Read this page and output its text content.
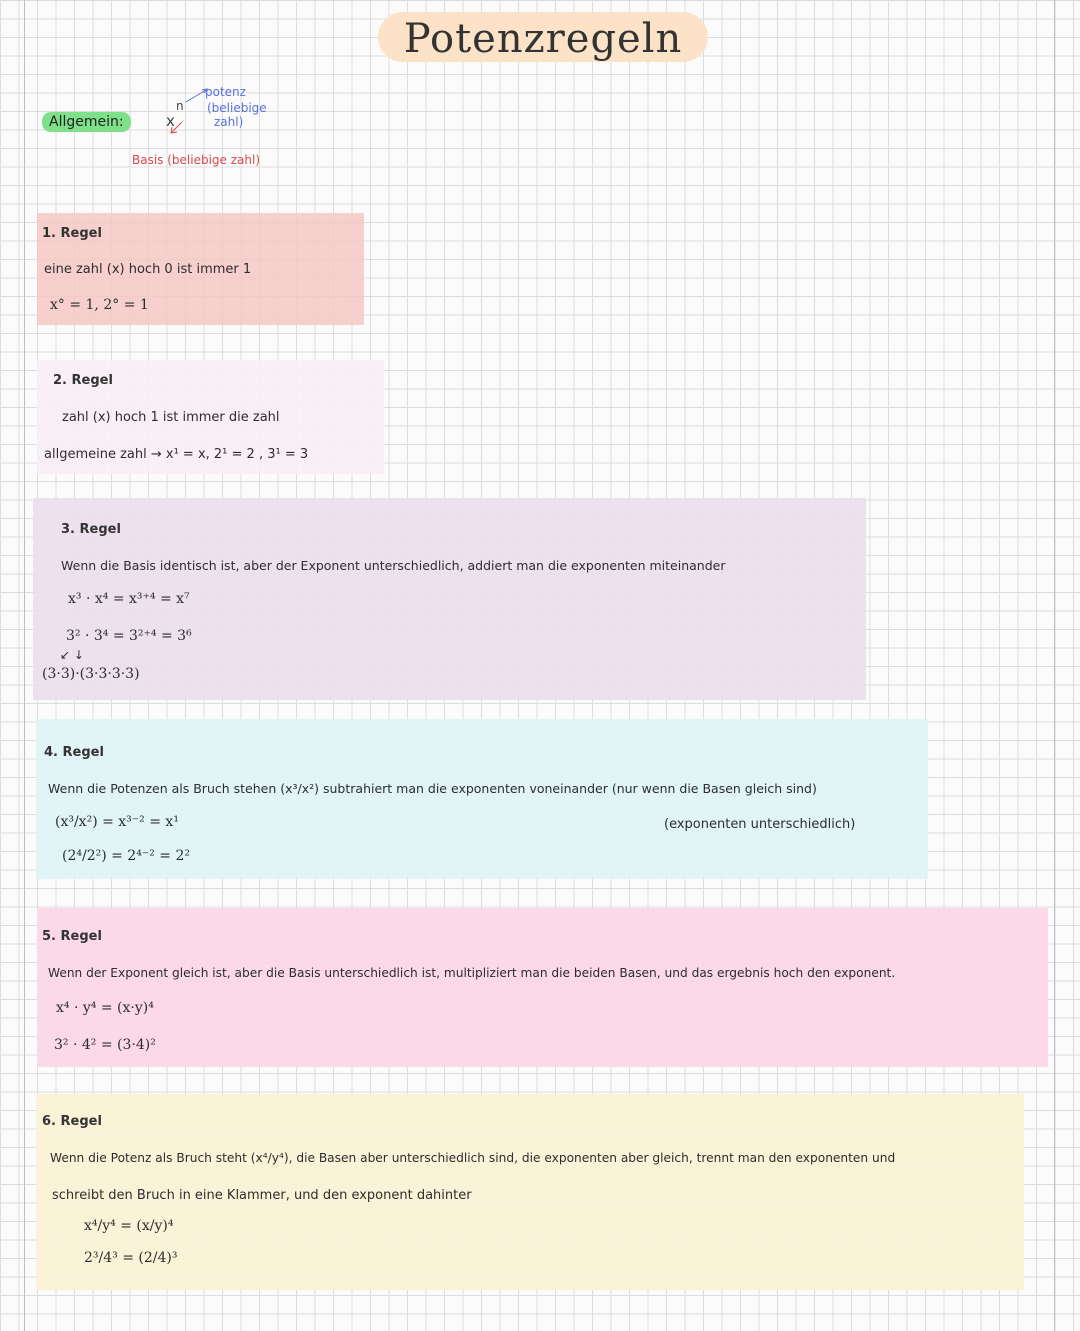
Potenzregeln
Allgemein:
n
x
potenz
(beliebige
zahl)
Basis (beliebige zahl)
1. Regel
eine zahl (x) hoch 0 ist immer 1
x° = 1, 2° = 1
2. Regel
zahl (x) hoch 1 ist immer die zahl
allgemeine zahl → x¹ = x, 2¹ = 2 , 3¹ = 3
3. Regel
Wenn die Basis identisch ist, aber der Exponent unterschiedlich, addiert man die exponenten miteinander
x³ · x⁴ = x³⁺⁴ = x⁷
3² · 3⁴ = 3²⁺⁴ = 3⁶
↙ ↓
(3·3)·(3·3·3·3)
4. Regel
Wenn die Potenzen als Bruch stehen (x³/x²) subtrahiert man die exponenten voneinander (nur wenn die Basen gleich sind)
(x³/x²) = x³⁻² = x¹	(exponenten unterschiedlich)
(2⁴/2²) = 2⁴⁻² = 2²
5. Regel
Wenn der Exponent gleich ist, aber die Basis unterschiedlich ist, multipliziert man die beiden Basen, und das ergebnis hoch den exponent.
x⁴ · y⁴ = (x·y)⁴
3² · 4² = (3·4)²
6. Regel
Wenn die Potenz als Bruch steht (x⁴/y⁴), die Basen aber unterschiedlich sind, die exponenten aber gleich, trennt man den exponenten und
schreibt den Bruch in eine Klammer, und den exponent dahinter
x⁴/y⁴ = (x/y)⁴
2³/4³ = (2/4)³
